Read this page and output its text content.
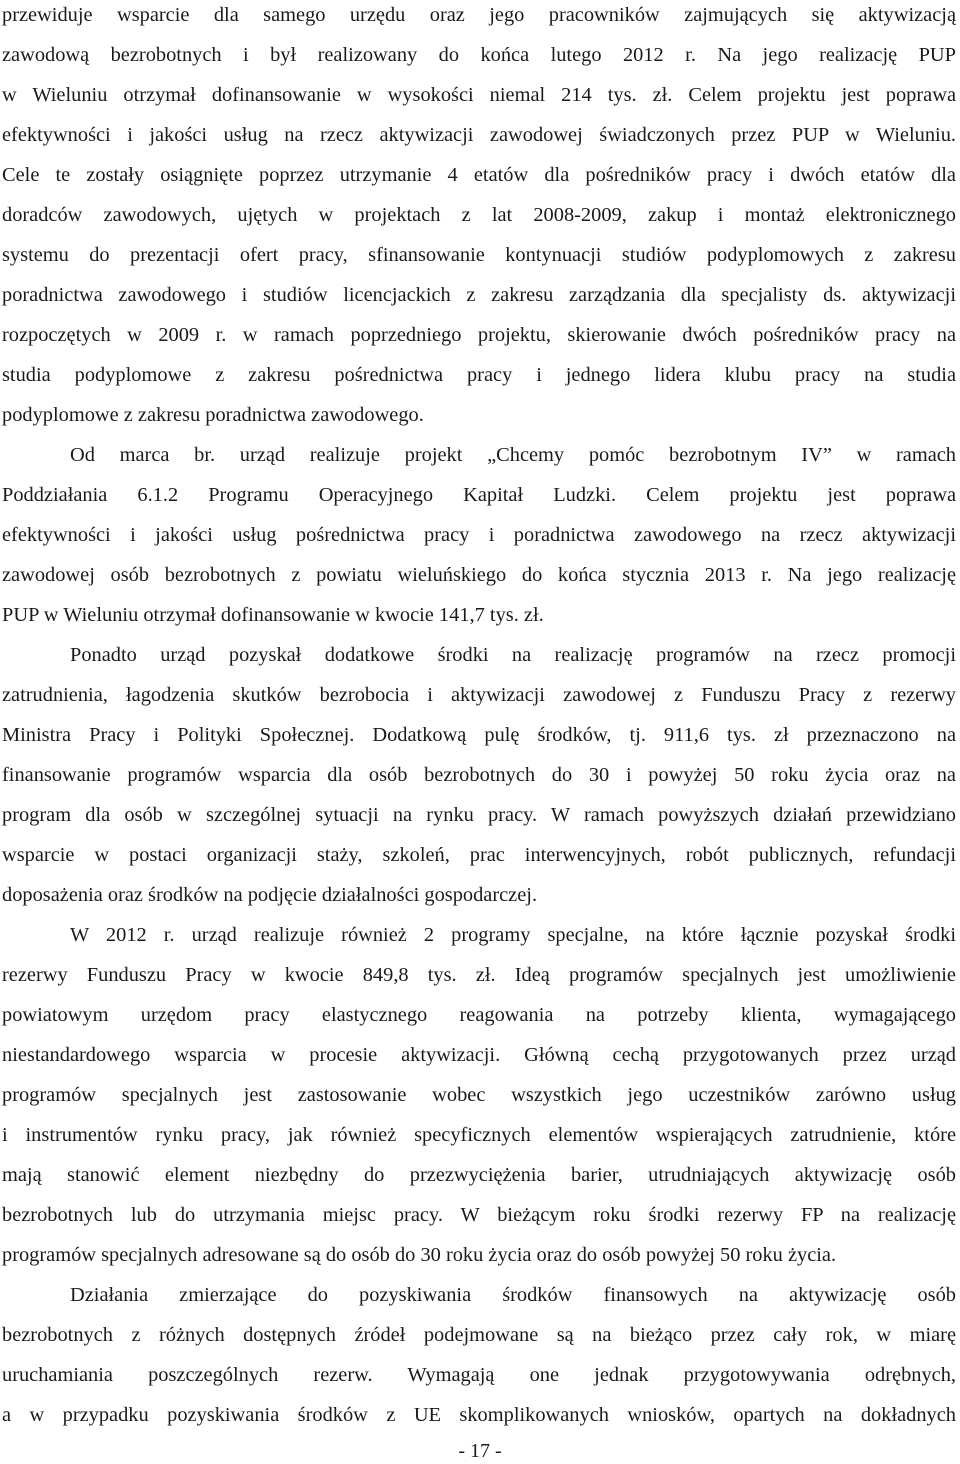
przewiduje wsparcie dla samego urzędu oraz jego pracowników zajmujących się aktywizacją
zawodową bezrobotnych i był realizowany do końca lutego 2012 r. Na jego realizację PUP
w Wieluniu otrzymał dofinansowanie w wysokości niemal 214 tys. zł. Celem projektu jest poprawa
efektywności i jakości usług na rzecz aktywizacji zawodowej świadczonych przez PUP w Wieluniu.
Cele te zostały osiągnięte poprzez utrzymanie 4 etatów dla pośredników pracy i dwóch etatów dla
doradców zawodowych, ujętych w projektach z lat 2008-2009, zakup i montaż elektronicznego
systemu do prezentacji ofert pracy, sfinansowanie kontynuacji studiów podyplomowych z zakresu
poradnictwa zawodowego i studiów licencjackich z zakresu zarządzania dla specjalisty ds. aktywizacji
rozpoczętych w 2009 r. w ramach poprzedniego projektu, skierowanie dwóch pośredników pracy na
studia podyplomowe z zakresu pośrednictwa pracy i jednego lidera klubu pracy na studia
podyplomowe z zakresu poradnictwa zawodowego.
Od marca br. urząd realizuje projekt „Chcemy pomóc bezrobotnym IV” w ramach
Poddziałania 6.1.2 Programu Operacyjnego Kapitał Ludzki. Celem projektu jest poprawa
efektywności i jakości usług pośrednictwa pracy i poradnictwa zawodowego na rzecz aktywizacji
zawodowej osób bezrobotnych z powiatu wieluńskiego do końca stycznia 2013 r. Na jego realizację
PUP w Wieluniu otrzymał dofinansowanie w kwocie 141,7 tys. zł.
Ponadto urząd pozyskał dodatkowe środki na realizację programów na rzecz promocji
zatrudnienia, łagodzenia skutków bezrobocia i aktywizacji zawodowej z Funduszu Pracy z rezerwy
Ministra Pracy i Polityki Społecznej. Dodatkową pulę środków, tj. 911,6 tys. zł przeznaczono na
finansowanie programów wsparcia dla osób bezrobotnych do 30 i powyżej 50 roku życia oraz na
program dla osób w szczególnej sytuacji na rynku pracy. W ramach powyższych działań przewidziano
wsparcie w postaci organizacji staży, szkoleń, prac interwencyjnych, robót publicznych, refundacji
doposażenia oraz środków na podjęcie działalności gospodarczej.
W 2012 r. urząd realizuje również 2 programy specjalne, na które łącznie pozyskał środki
rezerwy Funduszu Pracy w kwocie 849,8 tys. zł. Ideą programów specjalnych jest umożliwienie
powiatowym urzędom pracy elastycznego reagowania na potrzeby klienta, wymagającego
niestandardowego wsparcia w procesie aktywizacji. Główną cechą przygotowanych przez urząd
programów specjalnych jest zastosowanie wobec wszystkich jego uczestników zarówno usług
i instrumentów rynku pracy, jak również specyficznych elementów wspierających zatrudnienie, które
mają stanowić element niezbędny do przezwyciężenia barier, utrudniających aktywizację osób
bezrobotnych lub do utrzymania miejsc pracy. W bieżącym roku środki rezerwy FP na realizację
programów specjalnych adresowane są do osób do 30 roku życia oraz do osób powyżej 50 roku życia.
Działania zmierzające do pozyskiwania środków finansowych na aktywizację osób
bezrobotnych z różnych dostępnych źródeł podejmowane są na bieżąco przez cały rok, w miarę
uruchamiania poszczególnych rezerw. Wymagają one jednak przygotowywania odrębnych,
a w przypadku pozyskiwania środków z UE skomplikowanych wniosków, opartych na dokładnych
- 17 -
